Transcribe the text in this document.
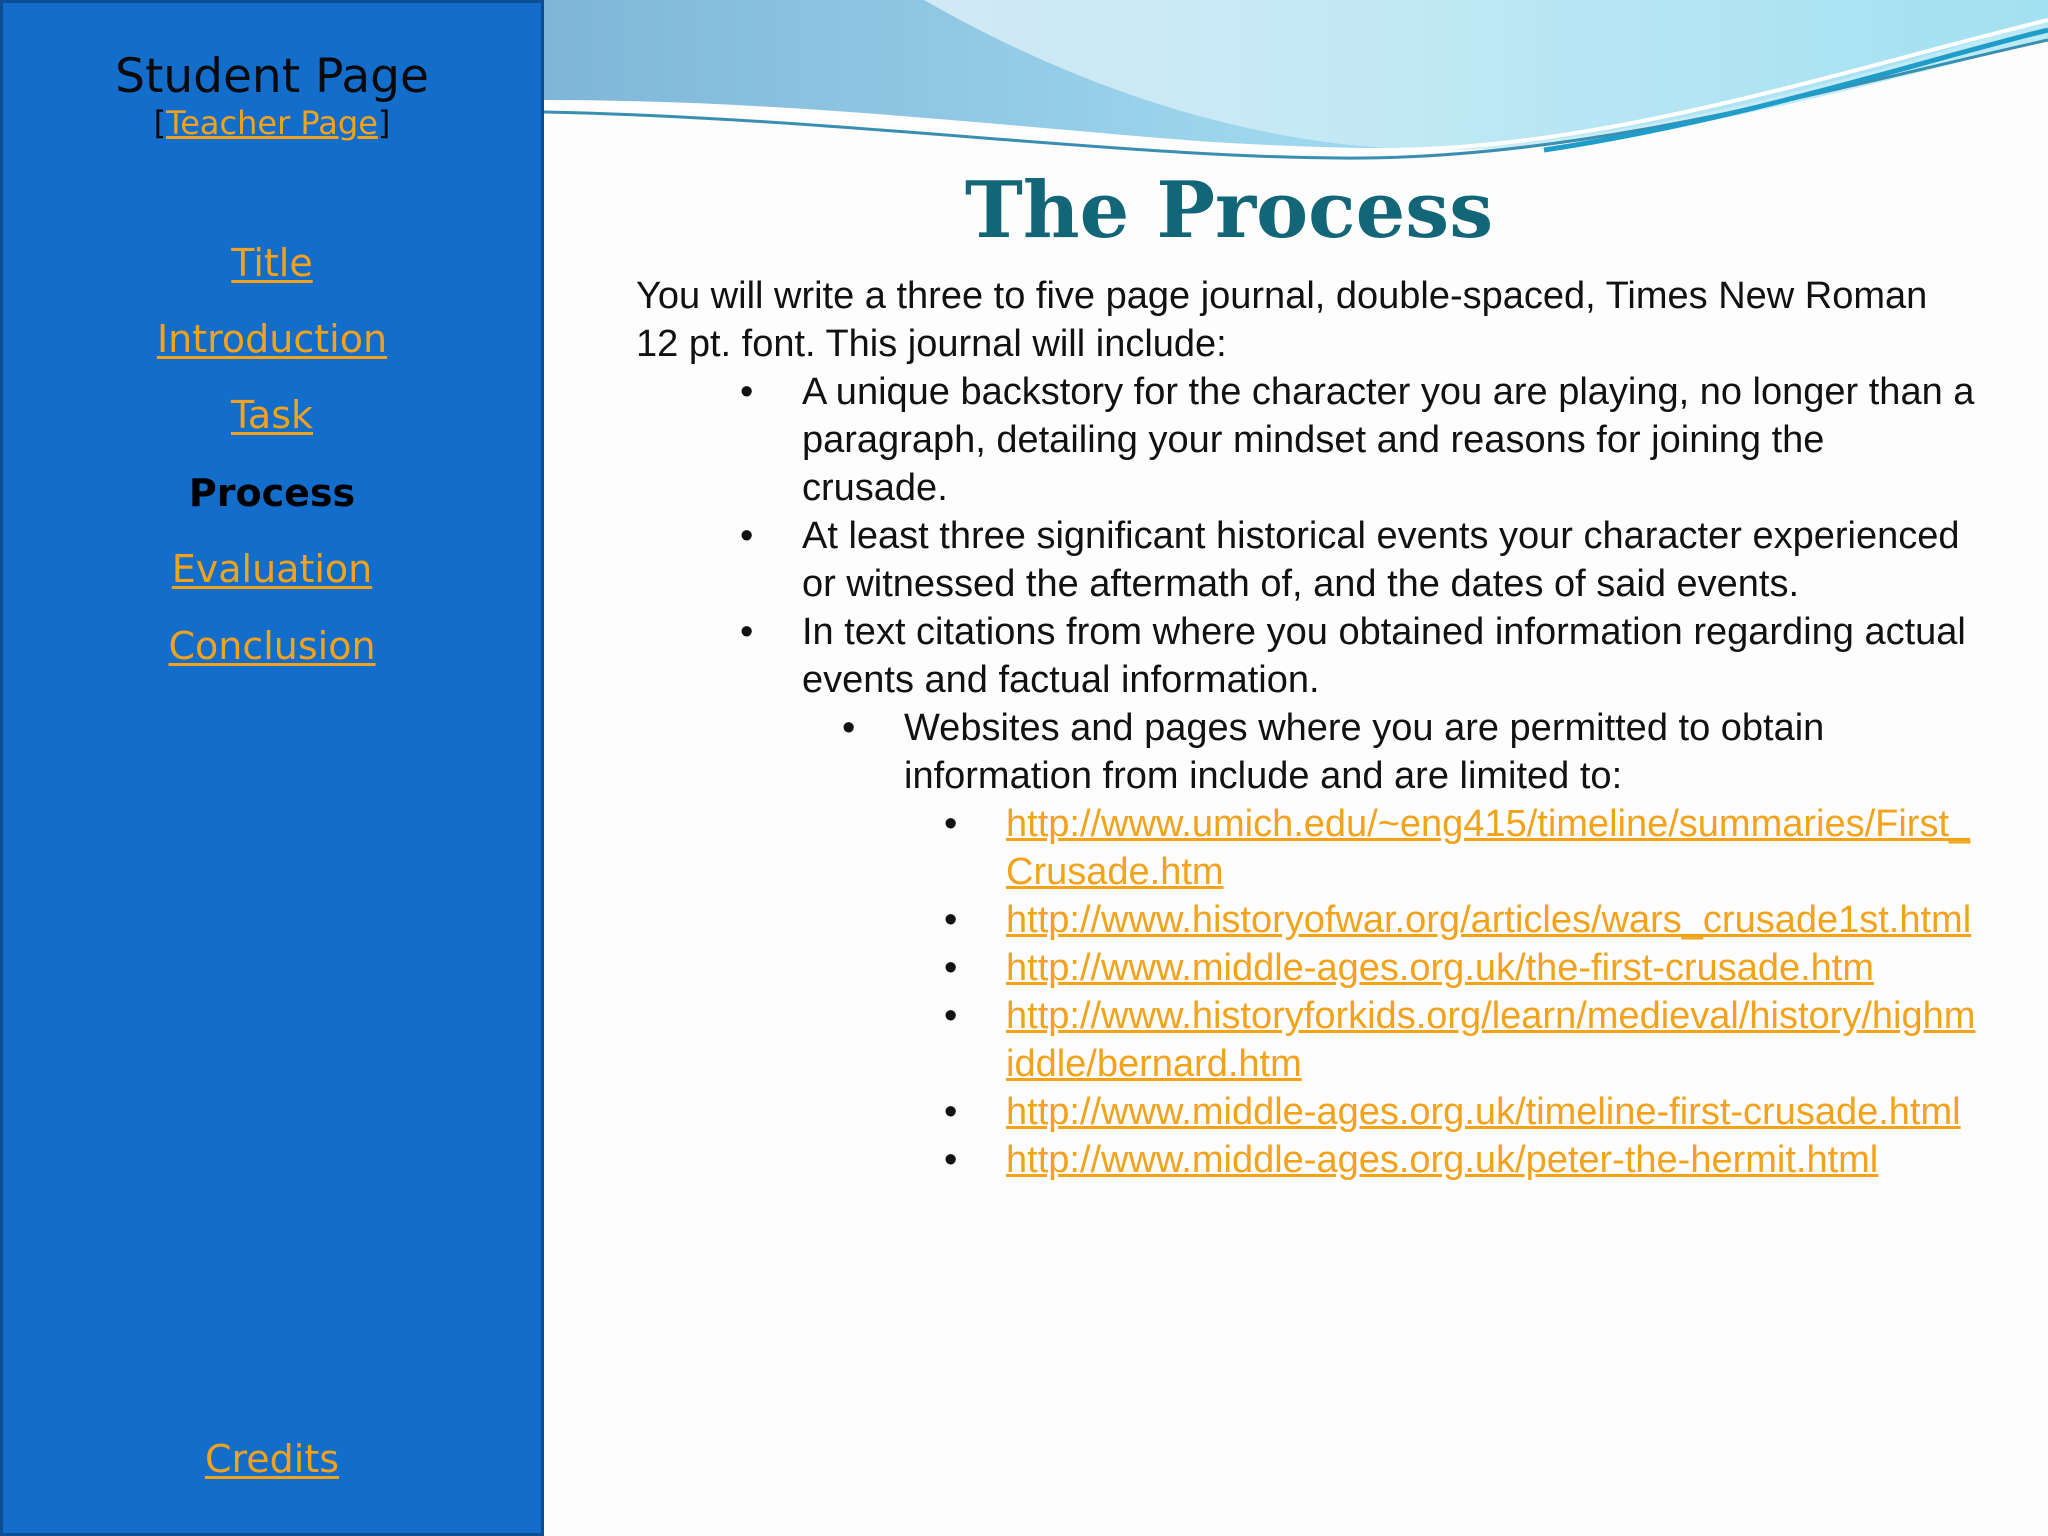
Student Page
[Teacher Page]
Title
Introduction
Task
Process
Evaluation
Conclusion
Credits
The Process

You will write a three to five page journal, double-spaced, Times New Roman 12 pt. font. This journal will include:

• A unique backstory for the character you are playing, no longer than a paragraph, detailing your mindset and reasons for joining the crusade.
• At least three significant historical events your character experienced or witnessed the aftermath of, and the dates of said events.
• In text citations from where you obtained information regarding actual events and factual information.
• Websites and pages where you are permitted to obtain information from include and are limited to:
• http://www.umich.edu/~eng415/timeline/summaries/First_Crusade.htm
• http://www.historyofwar.org/articles/wars_crusade1st.html
• http://www.middle-ages.org.uk/the-first-crusade.htm
• http://www.historyforkids.org/learn/medieval/history/highmiddle/bernard.htm
• http://www.middle-ages.org.uk/timeline-first-crusade.html
• http://www.middle-ages.org.uk/peter-the-hermit.html
